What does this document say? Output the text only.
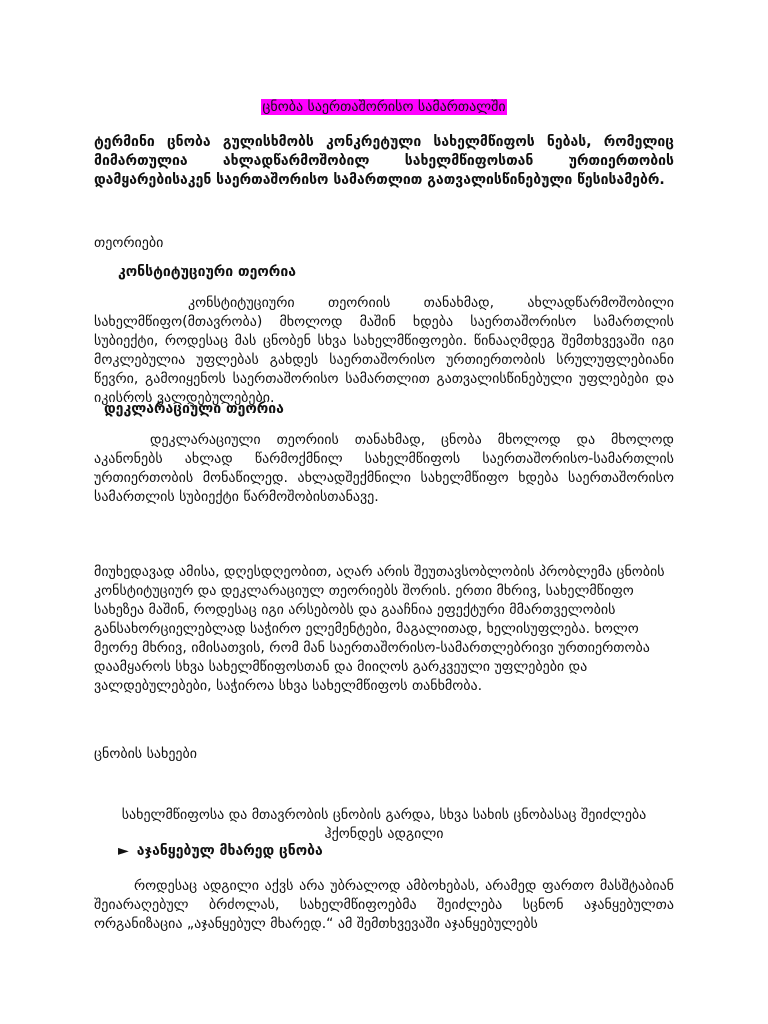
ცნობა საერთაშორისო სამართალში

ტერმინი ცნობა გულისხმობს კონკრეტული სახელმწიფოს ნებას, რომელიც მიმართულია ახლადწარმოშობილ სახელმწიფოსთან ურთიერთობის დამყარებისაკენ საერთაშორისო სამართლით გათვალისწინებული წესისამებრ.

თეორიები

კონსტიტუციური თეორია

კონსტიტუციური თეორიის თანახმად, ახლადწარმოშობილი სახელმწიფო(მთავრობა) მხოლოდ მაშინ ხდება საერთაშორისო სამართლის სუბიექტი, როდესაც მას ცნობენ სხვა სახელმწიფოები. წინააღმდეგ შემთხვევაში იგი მოკლებულია უფლებას გახდეს საერთაშორისო ურთიერთობის სრულუფლებიანი წევრი, გამოიყენოს საერთაშორისო სამართლით გათვალისწინებული უფლებები და იკისროს ვალდებულებები.

დეკლარაციული თეორია

დეკლარაციული თეორიის თანახმად, ცნობა მხოლოდ და მხოლოდ აკანონებს ახლად წარმოქმნილ სახელმწიფოს საერთაშორისო-სამართლის ურთიერთობის მონაწილედ. ახლადშექმნილი სახელმწიფო ხდება საერთაშორისო სამართლის სუბიექტი წარმოშობისთანავე.

მიუხედავად ამისა, დღესდღეობით, აღარ არის შეუთავსობლობის პრობლემა ცნობის კონსტიტუციურ და დეკლარაციულ თეორიებს შორის. ერთი მხრივ, სახელმწიფო სახეზეა მაშინ, როდესაც იგი არსებობს და გააჩნია ეფექტური მმართველობის განსახორციელებლად საჭირო ელემენტები, მაგალითად, ხელისუფლება. ხოლო მეორე მხრივ, იმისათვის, რომ მან საერთაშორისო-სამართლებრივი ურთიერთობა დაამყაროს სხვა სახელმწიფოსთან და მიიღოს გარკვეული უფლებები და ვალდებულებები, საჭიროა სხვა სახელმწიფოს თანხმობა.

ცნობის სახეები

სახელმწიფოსა და მთავრობის ცნობის გარდა, სხვა სახის ცნობასაც შეიძლება ჰქონდეს ადგილი

► აჯანყებულ მხარედ ცნობა

როდესაც ადგილი აქვს არა უბრალოდ ამბოხებას, არამედ ფართო მასშტაბიან შეიარაღებულ ბრძოლას, სახელმწიფოებმა შეიძლება სცნონ აჯანყებულთა ორგანიზაცია „აჯანყებულ მხარედ.“ ამ შემთხვევაში აჯანყებულებს
